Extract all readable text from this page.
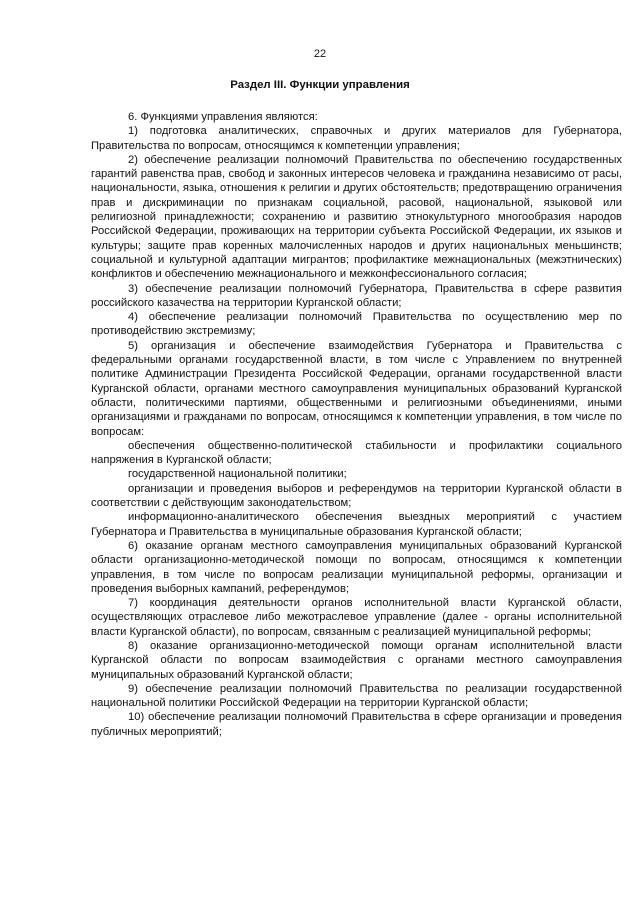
22
Раздел III. Функции управления

6. Функциями управления являются:

1) подготовка аналитических, справочных и других материалов для Губернатора, Правительства по вопросам, относящимся к компетенции управления;

2) обеспечение реализации полномочий Правительства по обеспечению государственных гарантий равенства прав, свобод и законных интересов человека и гражданина независимо от расы, национальности, языка, отношения к религии и других обстоятельств; предотвращению ограничения прав и дискриминации по признакам социальной, расовой, национальной, языковой или религиозной принадлежности; сохранению и развитию этнокультурного многообразия народов Российской Федерации, проживающих на территории субъекта Российской Федерации, их языков и культуры; защите прав коренных малочисленных народов и других национальных меньшинств; социальной и культурной адаптации мигрантов; профилактике межнациональных (межэтнических) конфликтов и обеспечению межнационального и межконфессионального согласия;

3) обеспечение реализации полномочий Губернатора, Правительства в сфере развития российского казачества на территории Курганской области;

4) обеспечение реализации полномочий Правительства по осуществлению мер по противодействию экстремизму;

5) организация и обеспечение взаимодействия Губернатора и Правительства с федеральными органами государственной власти, в том числе с Управлением по внутренней политике Администрации Президента Российской Федерации, органами государственной власти Курганской области, органами местного самоуправления муниципальных образований Курганской области, политическими партиями, общественными и религиозными объединениями, иными организациями и гражданами по вопросам, относящимся к компетенции управления, в том числе по вопросам:

обеспечения общественно-политической стабильности и профилактики социального напряжения в Курганской области;

государственной национальной политики;

организации и проведения выборов и референдумов на территории Курганской области в соответствии с действующим законодательством;

информационно-аналитического обеспечения выездных мероприятий с участием Губернатора и Правительства в муниципальные образования Курганской области;

6) оказание органам местного самоуправления муниципальных образований Курганской области организационно-методической помощи по вопросам, относящимся к компетенции управления, в том числе по вопросам реализации муниципальной реформы, организации и проведения выборных кампаний, референдумов;

7) координация деятельности органов исполнительной власти Курганской области, осуществляющих отраслевое либо межотраслевое управление (далее - органы исполнительной власти Курганской области), по вопросам, связанным с реализацией муниципальной реформы;

8) оказание организационно-методической помощи органам исполнительной власти Курганской области по вопросам взаимодействия с органами местного самоуправления муниципальных образований Курганской области;

9) обеспечение реализации полномочий Правительства по реализации государственной национальной политики Российской Федерации на территории Курганской области;

10) обеспечение реализации полномочий Правительства в сфере организации и проведения публичных мероприятий;
